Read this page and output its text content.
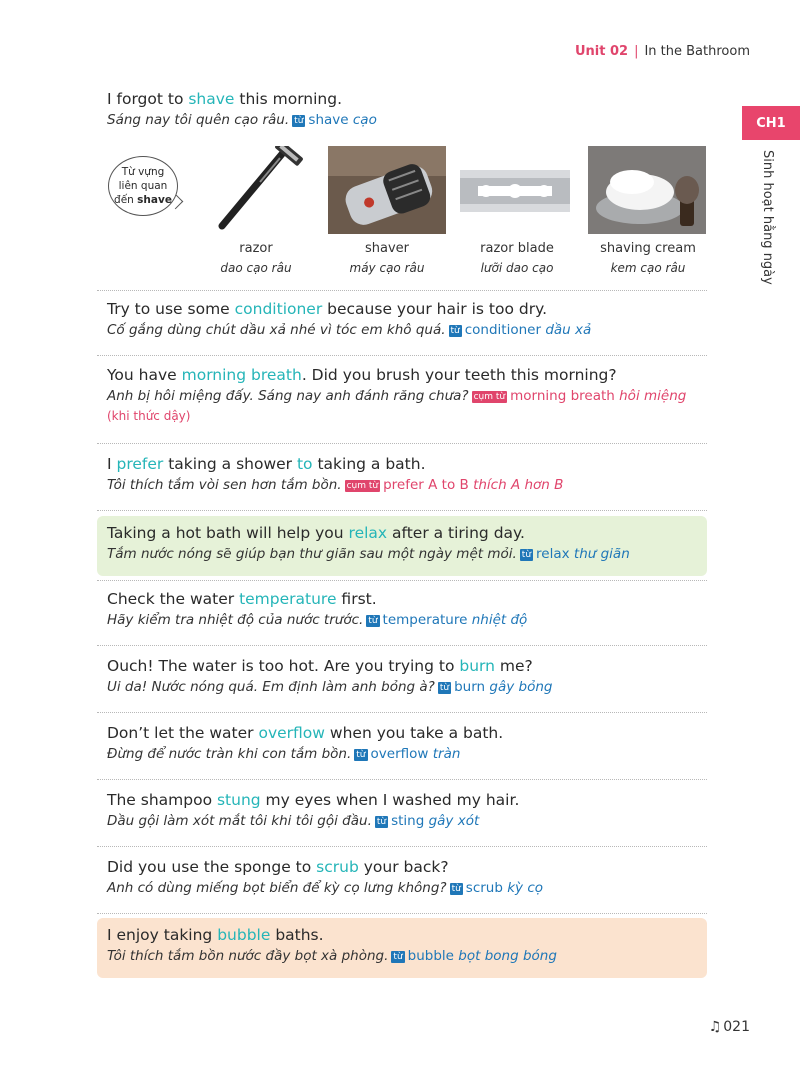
Unit 02 | In the Bathroom
CH1
Sinh hoạt hằng ngày
I forgot to shave this morning.
Sáng nay tôi quên cạo râu. từ shave cạo
Từ vựng
liên quan
đến shave
razor
dao cạo râu
shaver
máy cạo râu
razor blade
lưỡi dao cạo
shaving cream
kem cạo râu
Try to use some conditioner because your hair is too dry.
Cố gắng dùng chút dầu xả nhé vì tóc em khô quá. từ conditioner dầu xả
You have morning breath. Did you brush your teeth this morning?
Anh bị hôi miệng đấy. Sáng nay anh đánh răng chưa? cụm từ morning breath hôi miệng (khi thức dậy)
I prefer taking a shower to taking a bath.
Tôi thích tắm vòi sen hơn tắm bồn. cụm từ prefer A to B thích A hơn B
Taking a hot bath will help you relax after a tiring day.
Tắm nước nóng sẽ giúp bạn thư giãn sau một ngày mệt mỏi. từ relax thư giãn
Check the water temperature first.
Hãy kiểm tra nhiệt độ của nước trước. từ temperature nhiệt độ
Ouch! The water is too hot. Are you trying to burn me?
Ui da! Nước nóng quá. Em định làm anh bỏng à? từ burn gây bỏng
Don’t let the water overflow when you take a bath.
Đừng để nước tràn khi con tắm bồn. từ overflow tràn
The shampoo stung my eyes when I washed my hair.
Dầu gội làm xót mắt tôi khi tôi gội đầu. từ sting gây xót
Did you use the sponge to scrub your back?
Anh có dùng miếng bọt biển để kỳ cọ lưng không? từ scrub kỳ cọ
I enjoy taking bubble baths.
Tôi thích tắm bồn nước đầy bọt xà phòng. từ bubble bọt bong bóng
♫ 021
